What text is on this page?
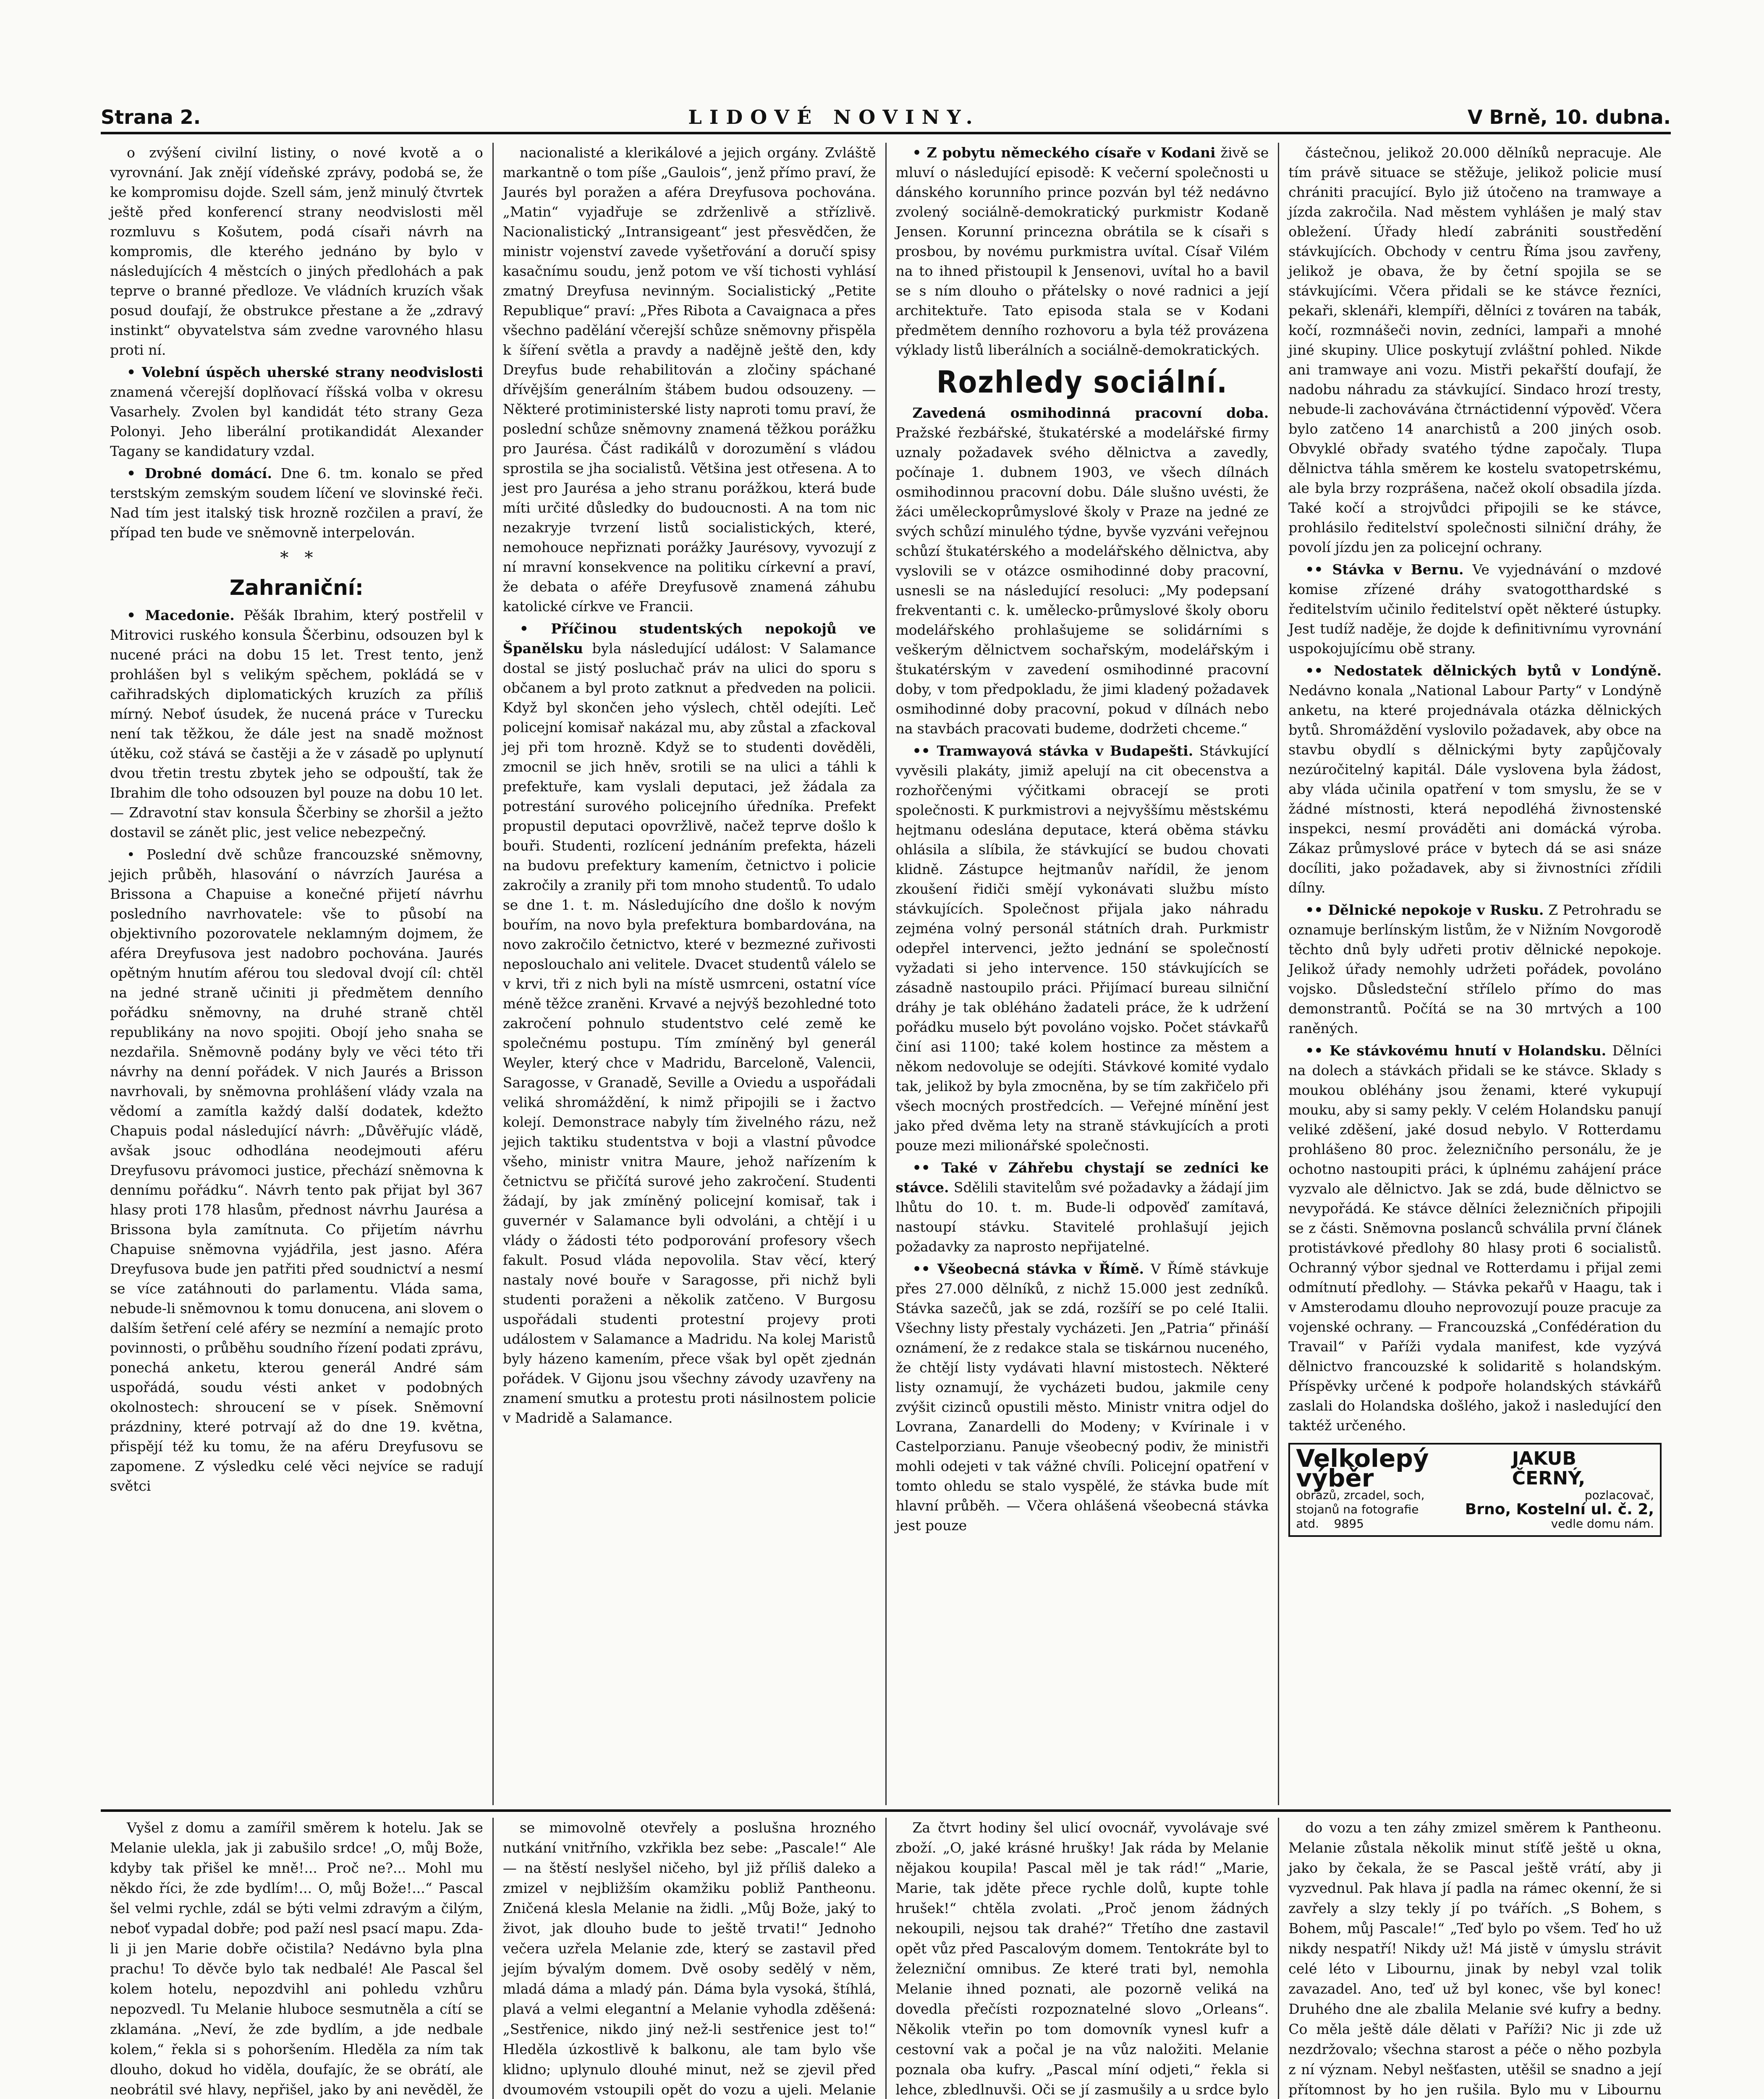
Strana 2.	LIDOVÉ NOVINY.	V Brně, 10. dubna.

o zvýšení civilní listiny, o nové kvotě a o vyrovnání. Jak znějí vídeňské zprávy, podobá se, že ke kompromisu dojde. Szell sám, jenž minulý čtvrtek ještě před konferencí strany neodvislosti měl rozmluvu s Košutem, podá císaři návrh na kompromis, dle kterého jednáno by bylo v následujících 4 městcích o jiných předlohách a pak teprve o branné předloze. Ve vládních kruzích však posud doufají, že obstrukce přestane a že „zdravý instinkt“ obyvatelstva sám zvedne varovného hlasu proti ní.

• Volební úspěch uherské strany neodvislosti znamená včerejší doplňovací říšská volba v okresu Vasarhely. Zvolen byl kandidát této strany Geza Polonyi. Jeho liberální protikandidát Alexander Tagany se kandidatury vzdal.

• Drobné domácí. Dne 6. tm. konalo se před terstským zemským soudem líčení ve slovinské řeči. Nad tím jest italský tisk hrozně rozčilen a praví, že případ ten bude ve sněmovně interpelován.

*   *
Zahraniční:

• Macedonie. Pěšák Ibrahim, který postřelil v Mitrovici ruského konsula Ščerbinu, odsouzen byl k nucené práci na dobu 15 let. Trest tento, jenž prohlášen byl s velikým spěchem, pokládá se v cařihradských diplomatických kruzích za příliš mírný. Neboť úsudek, že nucená práce v Turecku není tak těžkou, že dále jest na snadě možnost útěku, což stává se častěji a že v zásadě po uplynutí dvou třetin trestu zbytek jeho se odpouští, tak že Ibrahim dle toho odsouzen byl pouze na dobu 10 let. — Zdravotní stav konsula Ščerbiny se zhoršil a ježto dostavil se zánět plic, jest velice nebezpečný.

• Poslední dvě schůze francouzské sněmovny, jejich průběh, hlasování o návrzích Jaurésa a Brissona a Chapuise a konečné přijetí návrhu posledního navrhovatele: vše to působí na objektivního pozorovatele neklamným dojmem, že aféra Dreyfusova jest nadobro pochována. Jaurés opětným hnutím aférou tou sledoval dvojí cíl: chtěl na jedné straně učiniti ji předmětem denního pořádku sněmovny, na druhé straně chtěl republikány na novo spojiti. Obojí jeho snaha se nezdařila. Sněmovně podány byly ve věci této tři návrhy na denní pořádek. V nich Jaurés a Brisson navrhovali, by sněmovna prohlášení vlády vzala na vědomí a zamítla každý další dodatek, kdežto Chapuis podal následující návrh: „Důvěřujíc vládě, avšak jsouc odhodlána neodejmouti aféru Dreyfusovu právomoci justice, přechází sněmovna k dennímu pořádku“. Návrh tento pak přijat byl 367 hlasy proti 178 hlasům, přednost návrhu Jaurésa a Brissona byla zamítnuta. Co přijetím návrhu Chapuise sněmovna vyjádřila, jest jasno. Aféra Dreyfusova bude jen patřiti před soudnictví a nesmí se více zatáhnouti do parlamentu. Vláda sama, nebude-li sněmovnou k tomu donucena, ani slovem o dalším šetření celé aféry se nezmíní a nemajíc proto povinnosti, o průběhu soudního řízení podati zprávu, ponechá anketu, kterou generál André sám uspořádá, soudu vésti anket v podobných okolnostech: shroucení se v písek. Sněmovní prázdniny, které potrvají až do dne 19. května, přispějí též ku tomu, že na aféru Dreyfusovu se zapomene. Z výsledku celé věci nejvíce se radují světci

nacionalisté a klerikálové a jejich orgány. Zvláště markantně o tom píše „Gaulois“, jenž přímo praví, že Jaurés byl poražen a aféra Dreyfusova pochována. „Matin“ vyjadřuje se zdrženlivě a střízlivě. Nacionalistický „Intransigeant“ jest přesvědčen, že ministr vojenství zavede vyšetřování a doručí spisy kasačnímu soudu, jenž potom ve vší tichosti vyhlásí zmatný Dreyfusa nevinným. Socialistický „Petite Republique“ praví: „Přes Ribota a Cavaignaca a přes všechno padělání včerejší schůze sněmovny přispěla k šíření světla a pravdy a nadějně ještě den, kdy Dreyfus bude rehabilitován a zločiny spáchané dřívějším generálním štábem budou odsouzeny. — Některé protiministerské listy naproti tomu praví, že poslední schůze sněmovny znamená těžkou porážku pro Jaurésa. Část radikálů v dorozumění s vládou sprostila se jha socialistů. Většina jest otřesena. A to jest pro Jaurésa a jeho stranu porážkou, která bude míti určité důsledky do budoucnosti. A na tom nic nezakryje tvrzení listů socialistických, které, nemohouce nepřiznati porážky Jaurésovy, vyvozují z ní mravní konsekvence na politiku církevní a praví, že debata o aféře Dreyfusově znamená záhubu katolické církve ve Francii.

• Příčinou studentských nepokojů ve Španělsku byla následující událost: V Salamance dostal se jistý posluchač práv na ulici do sporu s občanem a byl proto zatknut a předveden na policii. Když byl skončen jeho výslech, chtěl odejíti. Leč policejní komisař nakázal mu, aby zůstal a zfackoval jej při tom hrozně. Když se to studenti dověděli, zmocnil se jich hněv, srotili se na ulici a táhli k prefektuře, kam vyslali deputaci, jež žádala za potrestání surového policejního úředníka. Prefekt propustil deputaci opovržlivě, načež teprve došlo k bouři. Studenti, rozlícení jednáním prefekta, házeli na budovu prefektury kamením, četnictvo i policie zakročily a zranily při tom mnoho studentů. To udalo se dne 1. t. m. Následujícího dne došlo k novým bouřím, na novo byla prefektura bombardována, na novo zakročilo četnictvo, které v bezmezné zuřivosti neposlouchalo ani velitele. Dvacet studentů válelo se v krvi, tři z nich byli na místě usmrceni, ostatní více méně těžce zraněni. Krvavé a nejvýš bezohledné toto zakročení pohnulo studentstvo celé země ke společnému postupu. Tím zmíněný byl generál Weyler, který chce v Madridu, Barceloně, Valencii, Saragosse, v Granadě, Seville a Oviedu a uspořádali veliká shromáždění, k nimž připojili se i žactvo kolejí. Demonstrace nabyly tím živelného rázu, než jejich taktiku studentstva v boji a vlastní původce všeho, ministr vnitra Maure, jehož nařízením k četnictvu se přičítá surové jeho zakročení. Studenti žádají, by jak zmíněný policejní komisař, tak i guvernér v Salamance byli odvoláni, a chtějí i u vlády o žádosti této podporování profesory všech fakult. Posud vláda nepovolila. Stav věcí, který nastaly nové bouře v Saragosse, při nichž byli studenti poraženi a několik zatčeno. V Burgosu uspořádali studenti protestní projevy proti událostem v Salamance a Madridu. Na kolej Maristů byly házeno kamením, přece však byl opět zjednán pořádek. V Gijonu jsou všechny závody uzavřeny na znamení smutku a protestu proti násilnostem policie v Madridě a Salamance.

• Z pobytu německého císaře v Kodani živě se mluví o následující episodě: K večerní společnosti u dánského korunního prince pozván byl též nedávno zvolený sociálně-demokratický purkmistr Kodaně Jensen. Korunní princezna obrátila se k císaři s prosbou, by novému purkmistra uvítal. Císař Vilém na to ihned přistoupil k Jensenovi, uvítal ho a bavil se s ním dlouho o přátelsky o nové radnici a její architektuře. Tato episoda stala se v Kodani předmětem denního rozhovoru a byla též provázena výklady listů liberálních a sociálně-demokratických.

Rozhledy sociální.

Zavedená osmihodinná pracovní doba. Pražské řezbářské, štukatérské a modelářské firmy uznaly požadavek svého dělnictva a zavedly, počínaje 1. dubnem 1903, ve všech dílnách osmihodinnou pracovní dobu. Dále slušno uvésti, že žáci uměleckoprůmyslové školy v Praze na jedné ze svých schůzí minulého týdne, byvše vyzváni veřejnou schůzí štukatérského a modelářského dělnictva, aby vyslovili se v otázce osmihodinné doby pracovní, usnesli se na následující resoluci: „My podepsaní frekventanti c. k. umělecko-průmyslové školy oboru modelářského prohlašujeme se solidárními s veškerým dělnictvem sochařským, modelářským i štukatérským v zavedení osmihodinné pracovní doby, v tom předpokladu, že jimi kladený požadavek osmihodinné doby pracovní, pokud v dílnách nebo na stavbách pracovati budeme, dodržeti chceme.“

•• Tramwayová stávka v Budapešti. Stávkující vyvěsili plakáty, jimiž apelují na cit obecenstva a rozhořčenými výčitkami obracejí se proti společnosti. K purkmistrovi a nejvyššímu městskému hejtmanu odeslána deputace, která oběma stávku ohlásila a slíbila, že stávkující se budou chovati klidně. Zástupce hejtmanův nařídil, že jenom zkoušení řidiči smějí vykonávati službu místo stávkujících. Společnost přijala jako náhradu zejména volný personál státních drah. Purkmistr odepřel intervenci, ježto jednání se společností vyžadati si jeho intervence. 150 stávkujících se zásadně nastoupilo práci. Přijímací bureau silniční dráhy je tak obléháno žadateli práce, že k udržení pořádku muselo být povoláno vojsko. Počet stávkařů činí asi 1100; také kolem hostince za městem a někom nedovoluje se odejíti. Stávkové komité vydalo tak, jelikož by byla zmocněna, by se tím zakřičelo při všech mocných prostředcích. — Veřejné mínění jest jako před dvěma lety na straně stávkujících a proti pouze mezi milionářské společnosti.

•• Také v Záhřebu chystají se zedníci ke stávce. Sdělili stavitelům své požadavky a žádají jim lhůtu do 10. t. m. Bude-li odpověď zamítavá, nastoupí stávku. Stavitelé prohlašují jejich požadavky za naprosto nepřijatelné.

•• Všeobecná stávka v Římě. V Římě stávkuje přes 27.000 dělníků, z nichž 15.000 jest zedníků. Stávka sazečů, jak se zdá, rozšíří se po celé Italii. Všechny listy přestaly vycházeti. Jen „Patria“ přináší oznámení, že z redakce stala se tiskárnou nuceného, že chtějí listy vydávati hlavní mistostech. Některé listy oznamují, že vycházeti budou, jakmile ceny zvýšit cizinců opustili město. Ministr vnitra odjel do Lovrana, Zanardelli do Modeny; v Kvírinale i v Castelporzianu. Panuje všeobecný podiv, že ministři mohli odejeti v tak vážné chvíli. Policejní opatření v tomto ohledu se stalo vyspělé, že stávka bude mít hlavní průběh. — Včera ohlášená všeobecná stávka jest pouze

částečnou, jelikož 20.000 dělníků nepracuje. Ale tím právě situace se stěžuje, jelikož policie musí chrániti pracující. Bylo již útočeno na tramwaye a jízda zakročila. Nad městem vyhlášen je malý stav obležení. Úřady hledí zabrániti soustředění stávkujících. Obchody v centru Říma jsou zavřeny, jelikož je obava, že by četní spojila se se stávkujícími. Včera přidali se ke stávce řezníci, pekaři, sklenáři, klempíři, dělníci z továren na tabák, kočí, rozmnášeči novin, zedníci, lampaři a mnohé jiné skupiny. Ulice poskytují zvláštní pohled. Nikde ani tramwaye ani vozu. Mistři pekařští doufají, že nadobu náhradu za stávkující. Sindaco hrozí tresty, nebude-li zachovávána čtrnáctidenní výpověď. Včera bylo zatčeno 14 anarchistů a 200 jiných osob. Obvyklé obřady svatého týdne započaly. Tlupa dělnictva táhla směrem ke kostelu svatopetrskému, ale byla brzy rozprášena, načež okolí obsadila jízda. Také kočí a strojvůdci připojili se ke stávce, prohlásilo ředitelství společnosti silniční dráhy, že povolí jízdu jen za policejní ochrany.

•• Stávka v Bernu. Ve vyjednávání o mzdové komise zřízené dráhy svatogotthardské s ředitelstvím učinilo ředitelství opět některé ústupky. Jest tudíž naděje, že dojde k definitivnímu vyrovnání uspokojujícímu obě strany.

•• Nedostatek dělnických bytů v Londýně. Nedávno konala „National Labour Party“ v Londýně anketu, na které projednávala otázka dělnických bytů. Shromáždění vyslovilo požadavek, aby obce na stavbu obydlí s dělnickými byty zapůjčovaly nezúročitelný kapitál. Dále vyslovena byla žádost, aby vláda učinila opatření v tom smyslu, že se v žádné místnosti, která nepodléhá živnostenské inspekci, nesmí prováděti ani domácká výroba. Zákaz průmyslové práce v bytech dá se asi snáze docíliti, jako požadavek, aby si živnostníci zřídili dílny.

•• Dělnické nepokoje v Rusku. Z Petrohradu se oznamuje berlínským listům, že v Nižním Novgorodě těchto dnů byly udřeti protiv dělnické nepokoje. Jelikož úřady nemohly udržeti pořádek, povoláno vojsko. Důsledsteční střílelo přímo do mas demonstrantů. Počítá se na 30 mrtvých a 100 raněných.

•• Ke stávkovému hnutí v Holandsku. Dělníci na dolech a stávkách přidali se ke stávce. Sklady s moukou obléhány jsou ženami, které vykupují mouku, aby si samy pekly. V celém Holandsku panují veliké zděšení, jaké dosud nebylo. V Rotterdamu prohlášeno 80 proc. železničního personálu, že je ochotno nastoupiti práci, k úplnému zahájení práce vyzvalo ale dělnictvo. Jak se zdá, bude dělnictvo se nevypořádá. Ke stávce dělníci železničních připojili se z části. Sněmovna poslanců schválila první článek protistávkové předlohy 80 hlasy proti 6 socialistů. Ochranný výbor sjednal ve Rotterdamu i přijal zemi odmítnutí předlohy. — Stávka pekařů v Haagu, tak i v Amsterodamu dlouho neprovozují pouze pracuje za vojenské ochrany. — Francouzská „Confédération du Travail“ v Paříži vydala manifest, kde vyzývá dělnictvo francouzské k solidaritě s holandským. Příspěvky určené k podpoře holandských stávkářů zaslali do Holandska došlého, jakož i nasledující den taktéž určeného.

Velkolepý výběr
JAKUB ČERNÝ,
obrazů, zrcadel, soch,
stojanů na fotografie
atd. 9895
pozlacovač,
Brno, Kostelní ul. č. 2,
vedle domu nám.

Vyšel z domu a zamířil směrem k hotelu. Jak se Melanie ulekla, jak ji zabušilo srdce! „O, můj Bože, kdyby tak přišel ke mně!... Proč ne?... Mohl mu někdo říci, že zde bydlím!... O, můj Bože!...“ Pascal šel velmi rychle, zdál se býti velmi zdravým a čilým, neboť vypadal dobře; pod paží nesl psací mapu. Zda-li ji jen Marie dobře očistila? Nedávno byla plna prachu! To děvče bylo tak nedbalé! Ale Pascal šel kolem hotelu, nepozdvihl ani pohledu vzhůru nepozvedl. Tu Melanie hluboce sesmutněla a cítí se zklamána. „Neví, že zde bydlím, a jde nedbale kolem,“ řekla si s pohoršením. Hleděla za ním tak dlouho, dokud ho viděla, doufajíc, že se obrátí, ale neobrátil své hlavy, nepřišel, jako by ani nevěděl, že

se mimovolně otevřely a poslušna hrozného nutkání vnitřního, vzkřikla bez sebe: „Pascale!“ Ale — na štěstí neslyšel ničeho, byl již příliš daleko a zmizel v nejbližším okamžiku pobliž Pantheonu. Zničená klesla Melanie na židli. „Můj Bože, jaký to život, jak dlouho bude to ještě trvati!“ Jednoho večera uzřela Melanie zde, který se zastavil před jejím bývalým domem. Dvě osoby sedělý v něm, mladá dáma a mladý pán. Dáma byla vysoká, štíhlá, plavá a velmi elegantní a Melanie vyhodla zděšená: „Sestřenice, nikdo jiný než-li sestřenice jest to!“ Hleděla úzkostlivě k balkonu, ale tam bylo vše klidno; uplynulo dlouhé minut, než se zjevil před dvoumovém vstoupili opět do vozu a ujeli. Melanie

Za čtvrt hodiny šel ulicí ovocnář, vyvolávaje své zboží. „O, jaké krásné hrušky! Jak ráda by Melanie nějakou koupila! Pascal měl je tak rád!“ „Marie, Marie, tak jděte přece rychle dolů, kupte tohle hrušek!“ chtěla zvolati. „Proč jenom žádných nekoupili, nejsou tak drahé?“ Třetího dne zastavil opět vůz před Pascalovým domem. Tentokráte byl to železniční omnibus. Ze které trati byl, nemohla Melanie ihned poznati, ale pozorně veliká na dovedla přečísti rozpoznatelné slovo „Orleans“. Několik vteřin po tom domovník vynesl kufr a cestovní vak a počal je na vůz naložiti. Melanie poznala oba kufry. „Pascal míní odjeti,“ řekla si lehce, zbledlnuvši. Oči se jí zasmušily a u srdce bylo

do vozu a ten záhy zmizel směrem k Pantheonu. Melanie zůstala několik minut stíťě ještě u okna, jako by čekala, že se Pascal ještě vrátí, aby ji vyzvednul. Pak hlava jí padla na rámec okenní, že si zavřely a slzy tekly jí po tvářích. „S Bohem, s Bohem, můj Pascale!“ „Teď bylo po všem. Teď ho už nikdy nespatří! Nikdy už! Má jistě v úmyslu strávit celé léto v Libournu, jinak by nebyl vzal tolik zavazadel. Ano, teď už byl konec, vše byl konec! Druhého dne ale zbalila Melanie své kufry a bedny. Co měla ještě dále dělati v Paříži? Nic ji zde už nezdržovalo; všechna starost a péče o něho pozbyla z ní význam. Nebyl nešťasten, utěšil se snadno a její přítomnost by ho jen rušila. Bylo mu v Libournu
